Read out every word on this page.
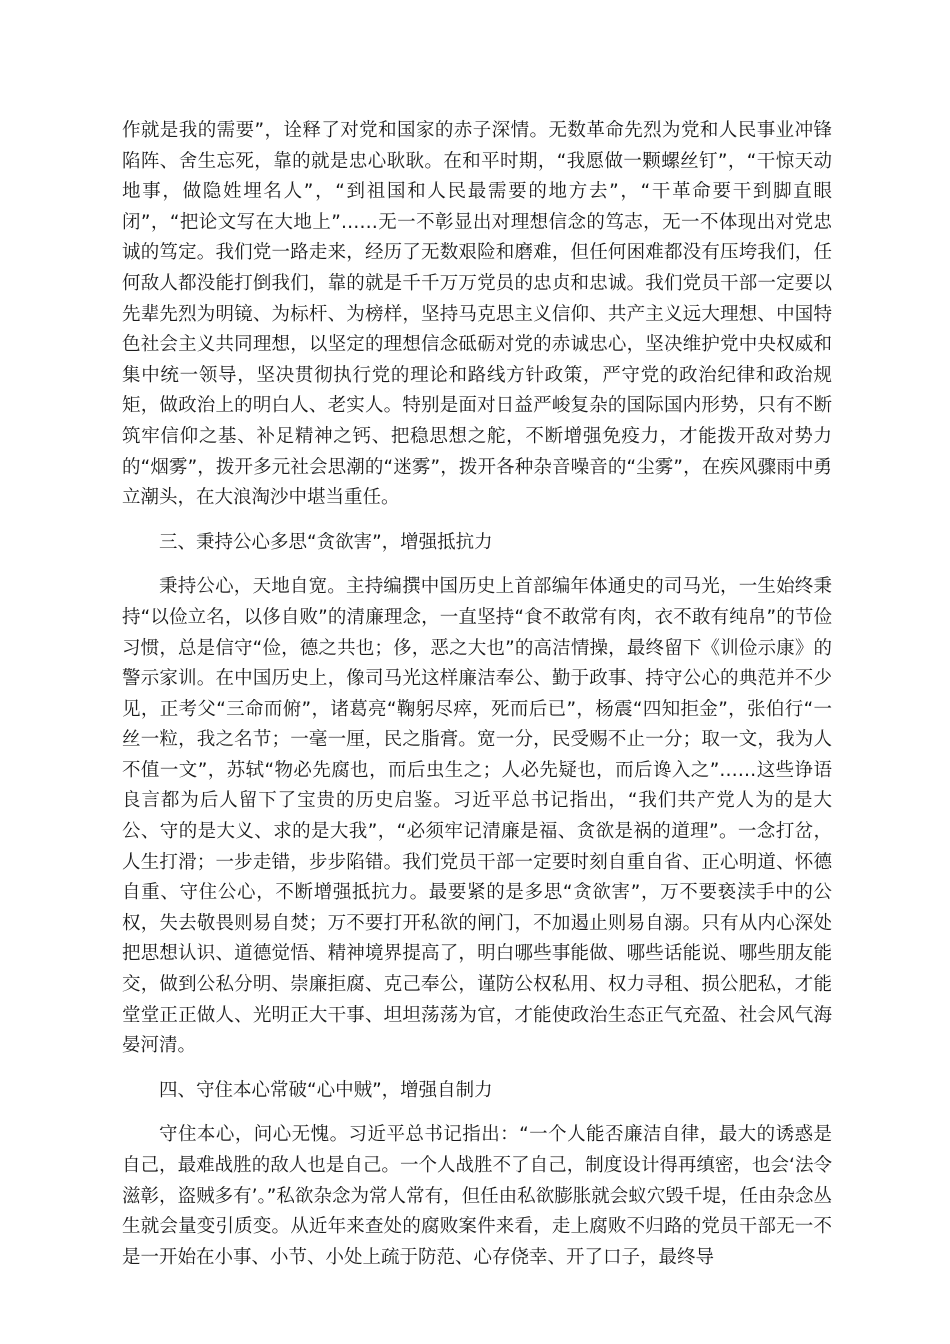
作就是我的需要”，诠释了对党和国家的赤子深情。无数革命先烈为党和人民事业冲锋陷阵、舍生忘死，靠的就是忠心耿耿。在和平时期，“我愿做一颗螺丝钉”，“干惊天动地事，做隐姓埋名人”，“到祖国和人民最需要的地方去”，“干革命要干到脚直眼闭”，“把论文写在大地上”……无一不彰显出对理想信念的笃志，无一不体现出对党忠诚的笃定。我们党一路走来，经历了无数艰险和磨难，但任何困难都没有压垮我们，任何敌人都没能打倒我们，靠的就是千千万万党员的忠贞和忠诚。我们党员干部一定要以先辈先烈为明镜、为标杆、为榜样，坚持马克思主义信仰、共产主义远大理想、中国特色社会主义共同理想，以坚定的理想信念砥砺对党的赤诚忠心，坚决维护党中央权威和集中统一领导，坚决贯彻执行党的理论和路线方针政策，严守党的政治纪律和政治规矩，做政治上的明白人、老实人。特别是面对日益严峻复杂的国际国内形势，只有不断筑牢信仰之基、补足精神之钙、把稳思想之舵，不断增强免疫力，才能拨开敌对势力的“烟雾”，拨开多元社会思潮的“迷雾”，拨开各种杂音噪音的“尘雾”，在疾风骤雨中勇立潮头，在大浪淘沙中堪当重任。

三、秉持公心多思“贪欲害”，增强抵抗力

秉持公心，天地自宽。主持编撰中国历史上首部编年体通史的司马光，一生始终秉持“以俭立名，以侈自败”的清廉理念，一直坚持“食不敢常有肉，衣不敢有纯帛”的节俭习惯，总是信守“俭，德之共也；侈，恶之大也”的高洁情操，最终留下《训俭示康》的警示家训。在中国历史上，像司马光这样廉洁奉公、勤于政事、持守公心的典范并不少见，正考父“三命而俯”，诸葛亮“鞠躬尽瘁，死而后已”，杨震“四知拒金”，张伯行“一丝一粒，我之名节；一毫一厘，民之脂膏。宽一分，民受赐不止一分；取一文，我为人不值一文”，苏轼“物必先腐也，而后虫生之；人必先疑也，而后谗入之”……这些诤语良言都为后人留下了宝贵的历史启鉴。习近平总书记指出，“我们共产党人为的是大公、守的是大义、求的是大我”，“必须牢记清廉是福、贪欲是祸的道理”。一念打岔，人生打滑；一步走错，步步陷错。我们党员干部一定要时刻自重自省、正心明道、怀德自重、守住公心，不断增强抵抗力。最要紧的是多思“贪欲害”，万不要亵渎手中的公权，失去敬畏则易自焚；万不要打开私欲的闸门，不加遏止则易自溺。只有从内心深处把思想认识、道德觉悟、精神境界提高了，明白哪些事能做、哪些话能说、哪些朋友能交，做到公私分明、崇廉拒腐、克己奉公，谨防公权私用、权力寻租、损公肥私，才能堂堂正正做人、光明正大干事、坦坦荡荡为官，才能使政治生态正气充盈、社会风气海晏河清。

四、守住本心常破“心中贼”，增强自制力

守住本心，问心无愧。习近平总书记指出：“一个人能否廉洁自律，最大的诱惑是自己，最难战胜的敌人也是自己。一个人战胜不了自己，制度设计得再缜密，也会‘法令滋彰，盗贼多有’。”私欲杂念为常人常有，但任由私欲膨胀就会蚁穴毁千堤，任由杂念丛生就会量变引质变。从近年来查处的腐败案件来看，走上腐败不归路的党员干部无一不是一开始在小事、小节、小处上疏于防范、心存侥幸、开了口子，最终导
